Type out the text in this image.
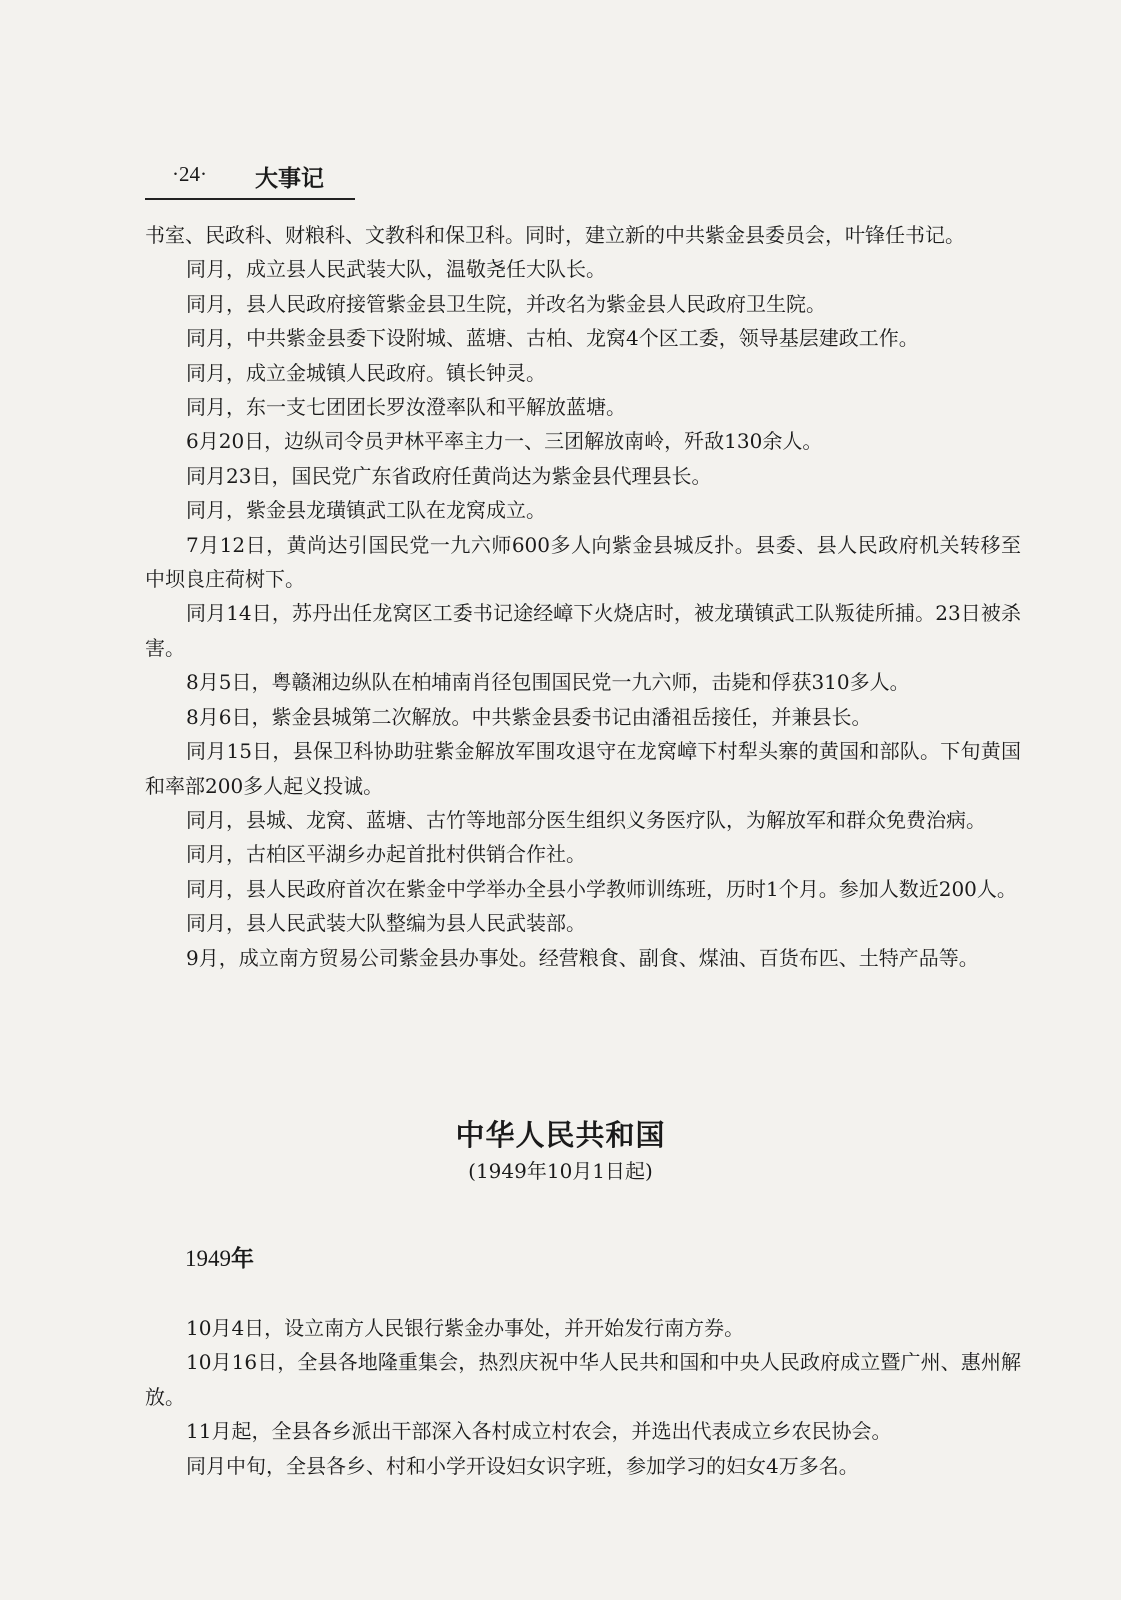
·24· 大事记

书室、民政科、财粮科、文教科和保卫科。同时，建立新的中共紫金县委员会，叶锋任书记。

同月，成立县人民武装大队，温敬尧任大队长。

同月，县人民政府接管紫金县卫生院，并改名为紫金县人民政府卫生院。

同月，中共紫金县委下设附城、蓝塘、古柏、龙窝4个区工委，领导基层建政工作。

同月，成立金城镇人民政府。镇长钟灵。

同月，东一支七团团长罗汝澄率队和平解放蓝塘。

6月20日，边纵司令员尹林平率主力一、三团解放南岭，歼敌130余人。

同月23日，国民党广东省政府任黄尚达为紫金县代理县长。

同月，紫金县龙璜镇武工队在龙窝成立。

7月12日，黄尚达引国民党一九六师600多人向紫金县城反扑。县委、县人民政府机关转移至中坝良庄荷树下。

同月14日，苏丹出任龙窝区工委书记途经嶂下火烧店时，被龙璜镇武工队叛徒所捕。23日被杀害。

8月5日，粤赣湘边纵队在柏埔南肖径包围国民党一九六师，击毙和俘获310多人。

8月6日，紫金县城第二次解放。中共紫金县委书记由潘祖岳接任，并兼县长。

同月15日，县保卫科协助驻紫金解放军围攻退守在龙窝嶂下村犁头寨的黄国和部队。下旬黄国和率部200多人起义投诚。

同月，县城、龙窝、蓝塘、古竹等地部分医生组织义务医疗队，为解放军和群众免费治病。

同月，古柏区平湖乡办起首批村供销合作社。

同月，县人民政府首次在紫金中学举办全县小学教师训练班，历时1个月。参加人数近200人。

同月，县人民武装大队整编为县人民武装部。

9月，成立南方贸易公司紫金县办事处。经营粮食、副食、煤油、百货布匹、土特产品等。

中华人民共和国
(1949年10月1日起)
1949年

10月4日，设立南方人民银行紫金办事处，并开始发行南方券。

10月16日，全县各地隆重集会，热烈庆祝中华人民共和国和中央人民政府成立暨广州、惠州解放。

11月起，全县各乡派出干部深入各村成立村农会，并选出代表成立乡农民协会。

同月中旬，全县各乡、村和小学开设妇女识字班，参加学习的妇女4万多名。
